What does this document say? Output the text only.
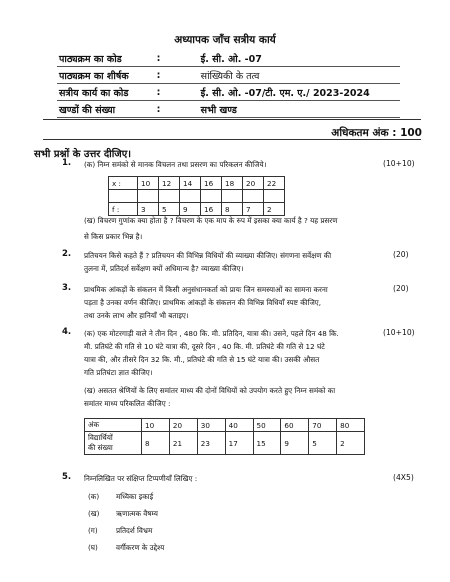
अध्यापक जाँच सत्रीय कार्य
पाठ्यक्रम का कोड	:	ई. सी. ओ. -07
पाठ्यक्रम का शीर्षक	:	सांख्यिकी के तत्व
सत्रीय कार्य का कोड	:	ई. सी. ओ. -07/टी. एम. ए./ 2023-2024
खण्डों की संख्या	:	सभी खण्ड
अधिकतम अंक : 100
सभी प्रश्नों के उत्तर दीजिए।
1. (क) निम्न समंको से मानक विचलन तथा प्रसरण का परिकलन कीजिये।	(10+10)
x :	10	12	14	16	18	20	22

f :	3	5	9	16	8	7	2
(ख) विचरण गुणांक क्या होता है ? विचरण के एक माप के रुप में इसका क्या कार्य है ? यह प्रसरण
से किस प्रकार भिन्न है।
2. प्रतिचयन किसे कहते हैं ? प्रतिचयन की विभिन्न विधियों की व्याख्या कीजिए। संगणना सर्वेक्षण की
तुलना में, प्रतिदर्श सर्वेक्षण क्यों अधिमान्य है? व्याख्या कीजिए।
(20)
3. प्राथमिक आंकड़ों के संकलन में किसी अनुसंधानकर्ता को प्रायः जिन समस्याओं का सामना करना
पड़ता है उनका वर्णन कीजिए। प्राथमिक आंकड़ों के संकलन की विभिन्न विधियाँ स्पष्ट कीजिए,
तथा उनके लाभ और हानियाँ भी बताइए।
(20)
4. (क) एक मोटरगाड़ी वाले ने तीन दिन , 480 कि. मी. प्रतिदिन, यात्रा की। उसने, पहले दिन 48 कि.
मी. प्रतिघंटे की गति से 10 घंटे यात्रा की, दूसरे दिन , 40 कि. मी. प्रतिघंटे की गति से 12 घंटे
यात्रा की, और तीसरे दिन 32 कि. मी., प्रतिघंटे की गति से 15 घंटे यात्रा की। उसकी औसत
गति प्रतिघंटा ज्ञात कीजिए।
(10+10)
(ख) असतत श्रेणियों के लिए समांतर माध्य की दोनों विधियों को उपयोग करते हुए निम्न समंको का
समांतर माध्य परिकलित कीजिए :
अंक	10	20	30	40	50	60	70	80
विद्यार्थियों
की संख्या	8	21	23	17	15	9	5	2
5. निम्नलिखित पर संक्षिप्त टिप्पणीयाँ लिखिए :	(4X5)
(क) मध्यिका इकाई
(ख) ऋणात्मक वैषम्य
(ग)	प्रतिदर्श विभ्रम
(घ)	वर्गीकरण के उद्देश्य
